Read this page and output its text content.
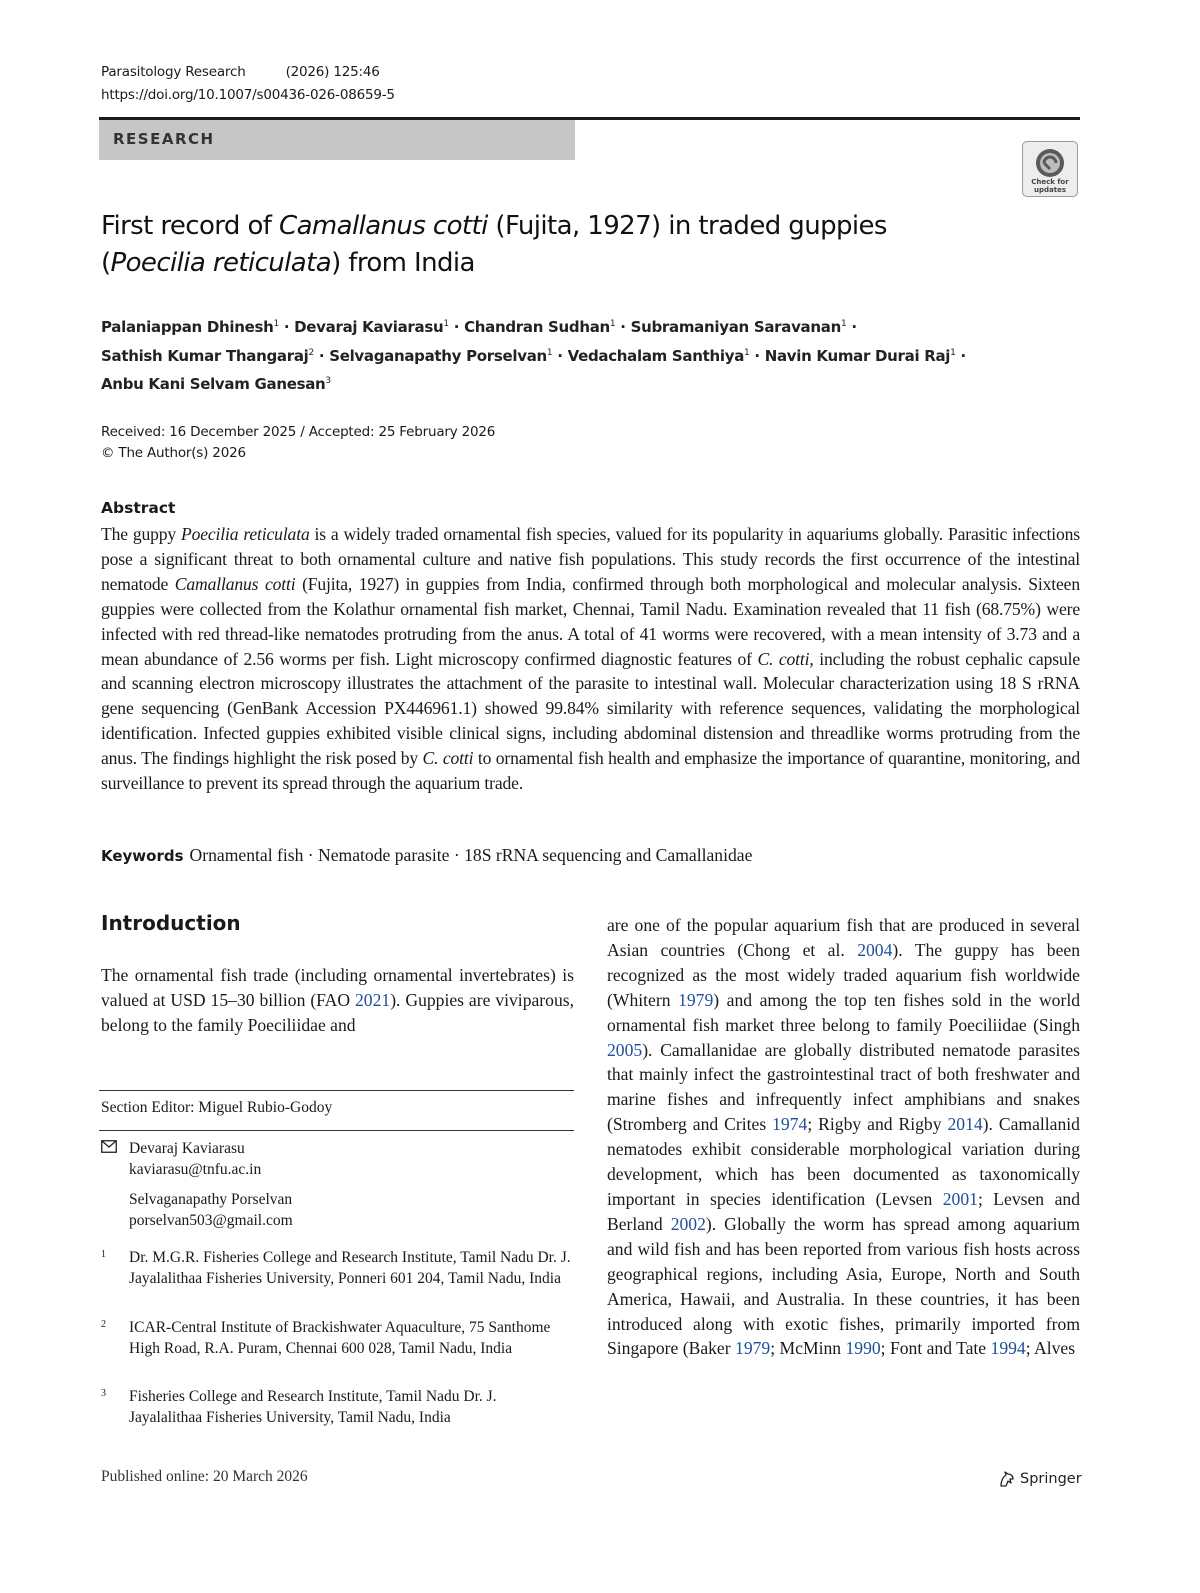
Parasitology Research	(2026) 125:46
https://doi.org/10.1007/s00436-026-08659-5
RESEARCH
Check for
updates
First record of Camallanus cotti (Fujita, 1927) in traded guppies
(Poecilia reticulata) from India
Palaniappan Dhinesh$^1$ · Devaraj Kaviarasu$^1$ · Chandran Sudhan$^1$ · Subramaniyan Saravanan$^1$ ·
Sathish Kumar Thangaraj$^2$ · Selvaganapathy Porselvan$^1$ · Vedachalam Santhiya$^1$ · Navin Kumar Durai Raj$^1$ ·
Anbu Kani Selvam Ganesan$^3$
Received: 16 December 2025 / Accepted: 25 February 2026
© The Author(s) 2026
Abstract
The guppy Poecilia reticulata is a widely traded ornamental fish species, valued for its popularity in aquariums globally. Parasitic infections pose a significant threat to both ornamental culture and native fish populations. This study records the first occurrence of the intestinal nematode Camallanus cotti (Fujita, 1927) in guppies from India, confirmed through both morphological and molecular analysis. Sixteen guppies were collected from the Kolathur ornamental fish market, Chennai, Tamil Nadu. Examination revealed that 11 fish (68.75%) were infected with red thread-like nematodes protruding from the anus. A total of 41 worms were recovered, with a mean intensity of 3.73 and a mean abundance of 2.56 worms per fish. Light microscopy confirmed diagnostic features of C. cotti, including the robust cephalic capsule and scanning electron microscopy illustrates the attachment of the parasite to intestinal wall. Molecular characterization using 18 S rRNA gene sequencing (GenBank Accession PX446961.1) showed 99.84% similarity with reference sequences, validating the morphological identification. Infected guppies exhibited visible clinical signs, including abdominal distension and threadlike worms protruding from the anus. The findings highlight the risk posed by C. cotti to ornamental fish health and emphasize the importance of quarantine, monitoring, and surveillance to prevent its spread through the aquarium trade.
Keywords Ornamental fish · Nematode parasite · 18S rRNA sequencing and Camallanidae
Introduction
The ornamental fish trade (including ornamental invertebrates) is valued at USD 15–30 billion (FAO 2021). Guppies are viviparous, belong to the family Poeciliidae and
are one of the popular aquarium fish that are produced in several Asian countries (Chong et al. 2004). The guppy has been recognized as the most widely traded aquarium fish worldwide (Whitern 1979) and among the top ten fishes sold in the world ornamental fish market three belong to family Poeciliidae (Singh 2005). Camallanidae are globally distributed nematode parasites that mainly infect the gastrointestinal tract of both freshwater and marine fishes and infrequently infect amphibians and snakes (Stromberg and Crites 1974; Rigby and Rigby 2014). Camallanid nematodes exhibit considerable morphological variation during development, which has been documented as taxonomically important in species identification (Levsen 2001; Levsen and Berland 2002). Globally the worm has spread among aquarium and wild fish and has been reported from various fish hosts across geographical regions, including Asia, Europe, North and South America, Hawaii, and Australia. In these countries, it has been introduced along with exotic fishes, primarily imported from Singapore (Baker 1979; McMinn 1990; Font and Tate 1994; Alves
Section Editor: Miguel Rubio-Godoy
Devaraj Kaviarasu
kaviarasu@tnfu.ac.in
Selvaganapathy Porselvan
porselvan503@gmail.com
1	Dr. M.G.R. Fisheries College and Research Institute, Tamil Nadu Dr. J. Jayalalithaa Fisheries University, Ponneri 601 204, Tamil Nadu, India
2	ICAR-Central Institute of Brackishwater Aquaculture, 75 Santhome High Road, R.A. Puram, Chennai 600 028, Tamil Nadu, India
3	Fisheries College and Research Institute, Tamil Nadu Dr. J. Jayalalithaa Fisheries University, Tamil Nadu, India
Published online: 20 March 2026	Springer
